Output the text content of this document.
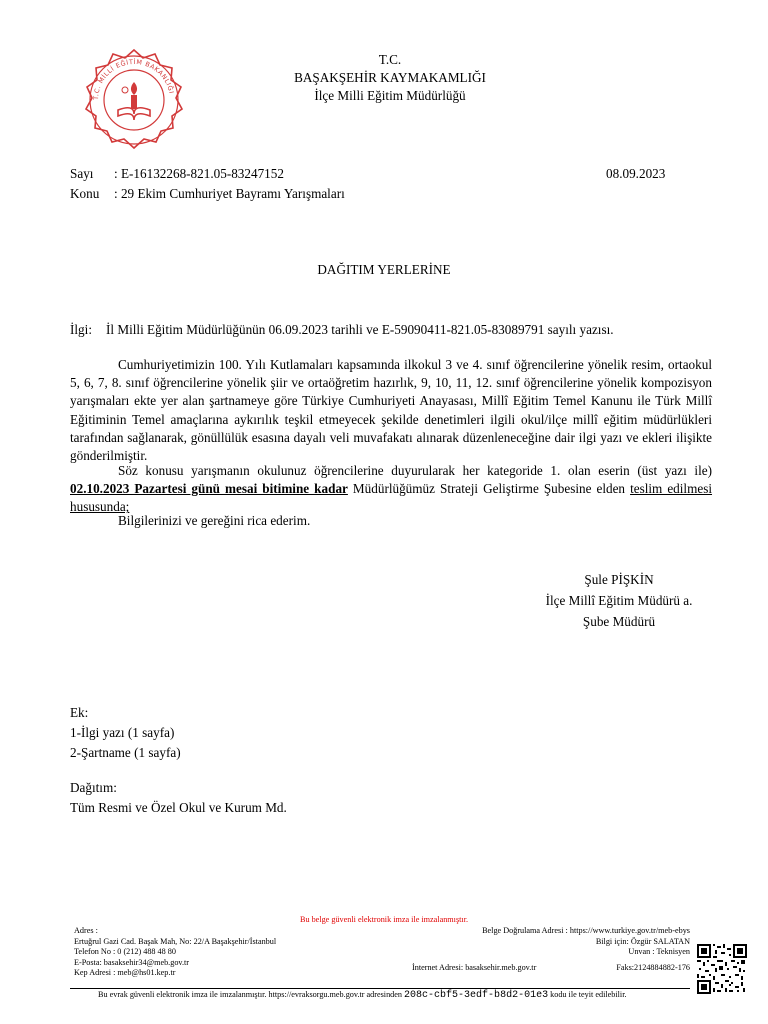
T.C. MİLLİ EĞİTİM BAKANLIĞI
T.C.
BAŞAKŞEHİR KAYMAKAMLIĞI
İlçe Milli Eğitim Müdürlüğü
Sayı : E-16132268-821.05-83247152	08.09.2023
Konu : 29 Ekim Cumhuriyet Bayramı Yarışmaları
DAĞITIM YERLERİNE
İlgi: İl Milli Eğitim Müdürlüğünün 06.09.2023 tarihli ve E-59090411-821.05-83089791 sayılı yazısı.
Cumhuriyetimizin 100. Yılı Kutlamaları kapsamında ilkokul 3 ve 4. sınıf öğrencilerine yönelik resim, ortaokul 5, 6, 7, 8. sınıf öğrencilerine yönelik şiir ve ortaöğretim hazırlık, 9, 10, 11, 12. sınıf öğrencilerine yönelik kompozisyon yarışmaları ekte yer alan şartnameye göre Türkiye Cumhuriyeti Anayasası, Millî Eğitim Temel Kanunu ile Türk Millî Eğitiminin Temel amaçlarına aykırılık teşkil etmeyecek şekilde denetimleri ilgili okul/ilçe millî eğitim müdürlükleri tarafından sağlanarak, gönüllülük esasına dayalı veli muvafakatı alınarak düzenleneceğine dair ilgi yazı ve ekleri ilişikte gönderilmiştir.
Söz konusu yarışmanın okulunuz öğrencilerine duyurularak her kategoride 1. olan eserin (üst yazı ile) 02.10.2023 Pazartesi günü mesai bitimine kadar Müdürlüğümüz Strateji Geliştirme Şubesine elden teslim edilmesi hususunda;
Bilgilerinizi ve gereğini rica ederim.
Şule PİŞKİN
İlçe Millî Eğitim Müdürü a.
Şube Müdürü
Ek:
1-İlgi yazı (1 sayfa)
2-Şartname (1 sayfa)
Dağıtım:
Tüm Resmi ve Özel Okul ve Kurum Md.
Bu belge güvenli elektronik imza ile imzalanmıştır.
Adres :
Ertuğrul Gazi Cad. Başak Mah, No: 22/A Başakşehir/İstanbul
Telefon No : 0 (212) 488 48 80
E-Posta: basaksehir34@meb.gov.tr
Kep Adresi : meb@hs01.kep.tr
Belge Doğrulama Adresi : https://www.turkiye.gov.tr/meb-ebys
Bilgi için: Özgür SALATAN
Unvan : Teknisyen
İnternet Adresi: basaksehir.meb.gov.tr	Faks:2124884882-176
Bu evrak güvenli elektronik imza ile imzalanmıştır. https://evraksorgu.meb.gov.tr adresinden 208c-cbf5-3edf-b8d2-01e3 kodu ile teyit edilebilir.
